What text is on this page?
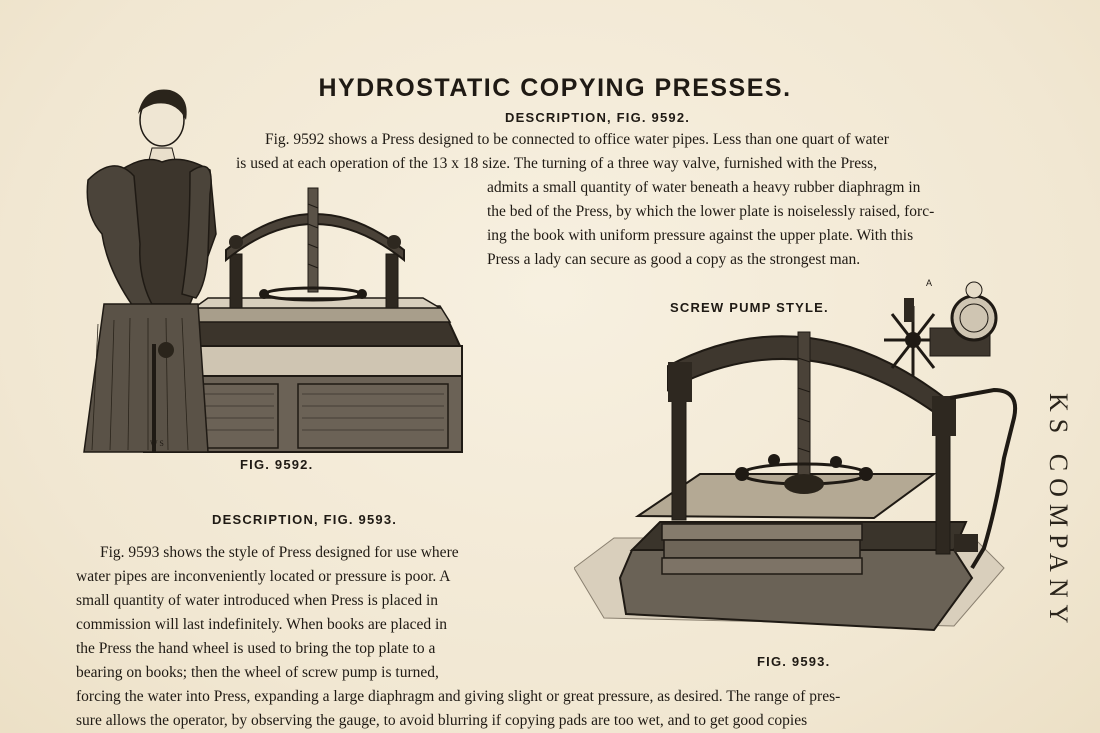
HYDROSTATIC COPYING PRESSES.
DESCRIPTION, FIG. 9592.
Fig. 9592 shows a Press designed to be connected to office water pipes. Less than one quart of water
is used at each operation of the 13 x 18 size. The turning of a three way valve, furnished with the Press,
admits a small quantity of water beneath a heavy rubber diaphragm in
the bed of the Press, by which the lower plate is noiselessly raised, forc-
ing the book with uniform pressure against the upper plate. With this
Press a lady can secure as good a copy as the strongest man.
W S
FIG. 9592.
DESCRIPTION, FIG. 9593.
Fig. 9593 shows the style of Press designed for use where
water pipes are inconveniently located or pressure is poor. A
small quantity of water introduced when Press is placed in
commission will last indefinitely. When books are placed in
the Press the hand wheel is used to bring the top plate to a
bearing on books; then the wheel of screw pump is turned,
forcing the water into Press, expanding a large diaphragm and giving slight or great pressure, as desired. The range of pres-
sure allows the operator, by observing the gauge, to avoid blurring if copying pads are too wet, and to get good copies
SCREW PUMP STYLE.
A
FIG. 9593.
KS COMPANY
